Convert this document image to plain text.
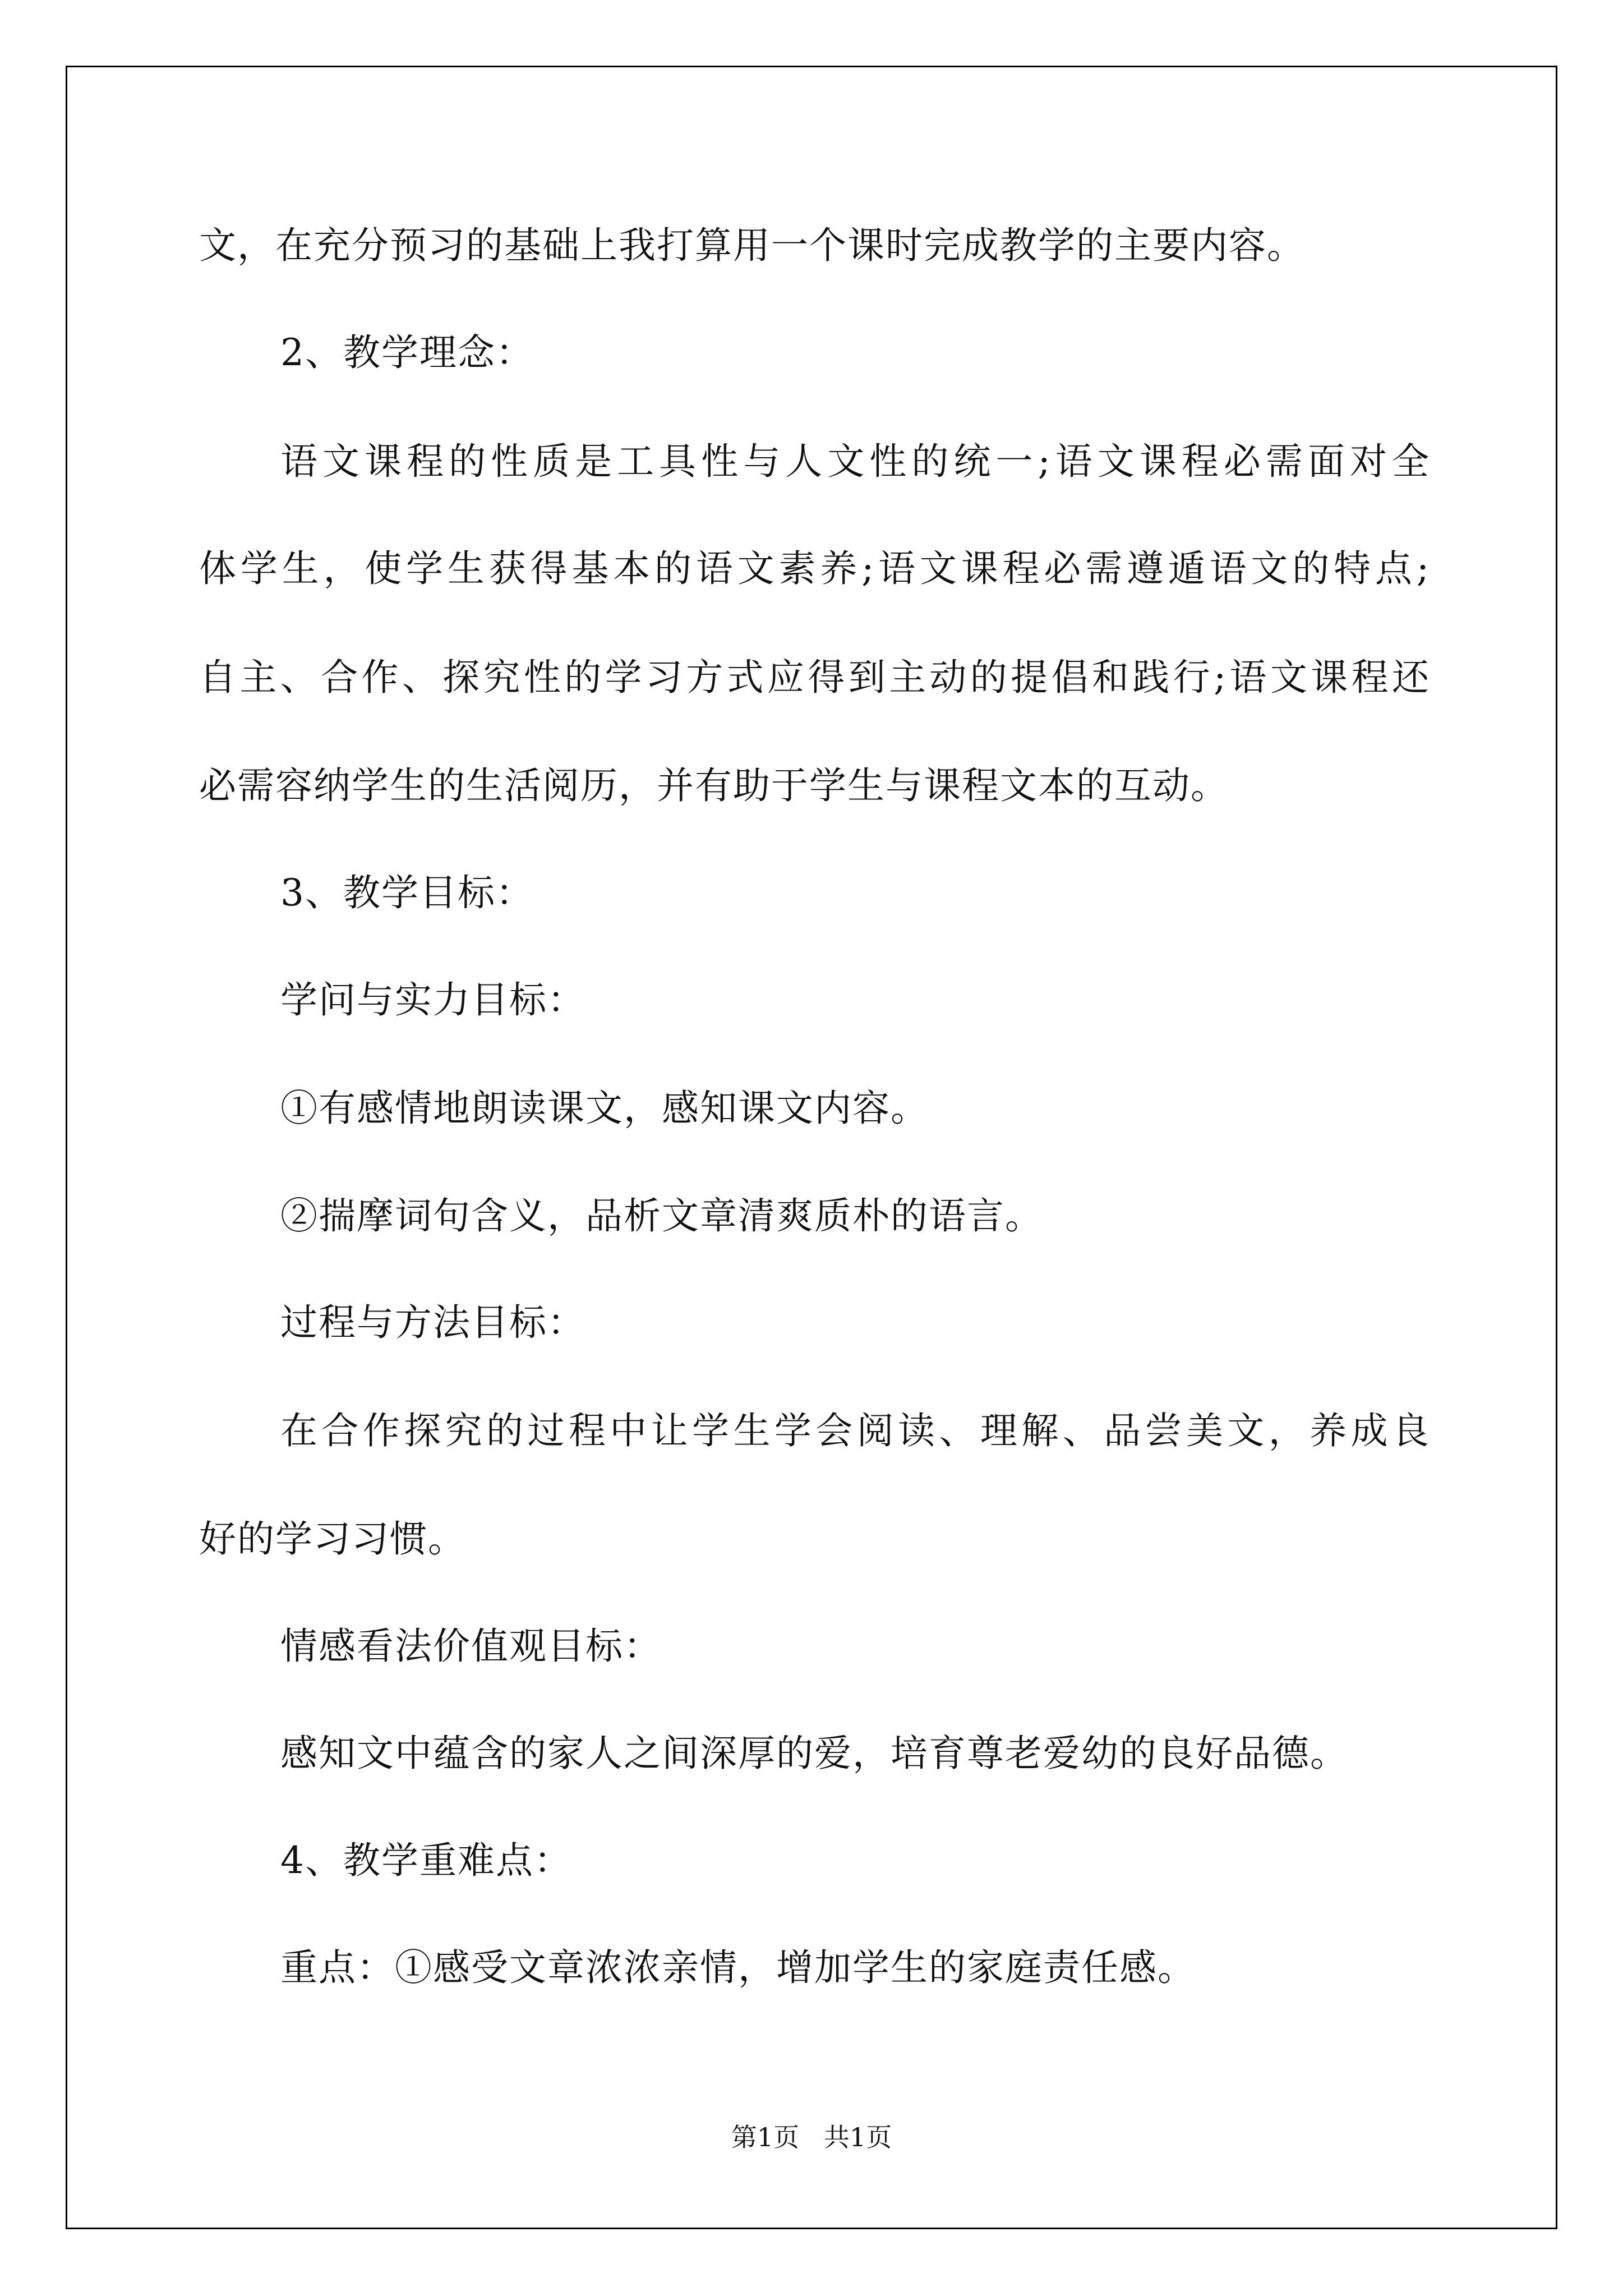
文，在充分预习的基础上我打算用一个课时完成教学的主要内容。
2、教学理念：
语文课程的性质是工具性与人文性的统一;语文课程必需面对全
体学生，使学生获得基本的语文素养;语文课程必需遵遁语文的特点;
自主、合作、探究性的学习方式应得到主动的提倡和践行;语文课程还
必需容纳学生的生活阅历，并有助于学生与课程文本的互动。
3、教学目标：
学问与实力目标：
①有感情地朗读课文，感知课文内容。
②揣摩词句含义，品析文章清爽质朴的语言。
过程与方法目标：
在合作探究的过程中让学生学会阅读、理解、品尝美文，养成良
好的学习习惯。
情感看法价值观目标：
感知文中蕴含的家人之间深厚的爱，培育尊老爱幼的良好品德。
4、教学重难点：
重点：①感受文章浓浓亲情，增加学生的家庭责任感。
第1页   共1页
